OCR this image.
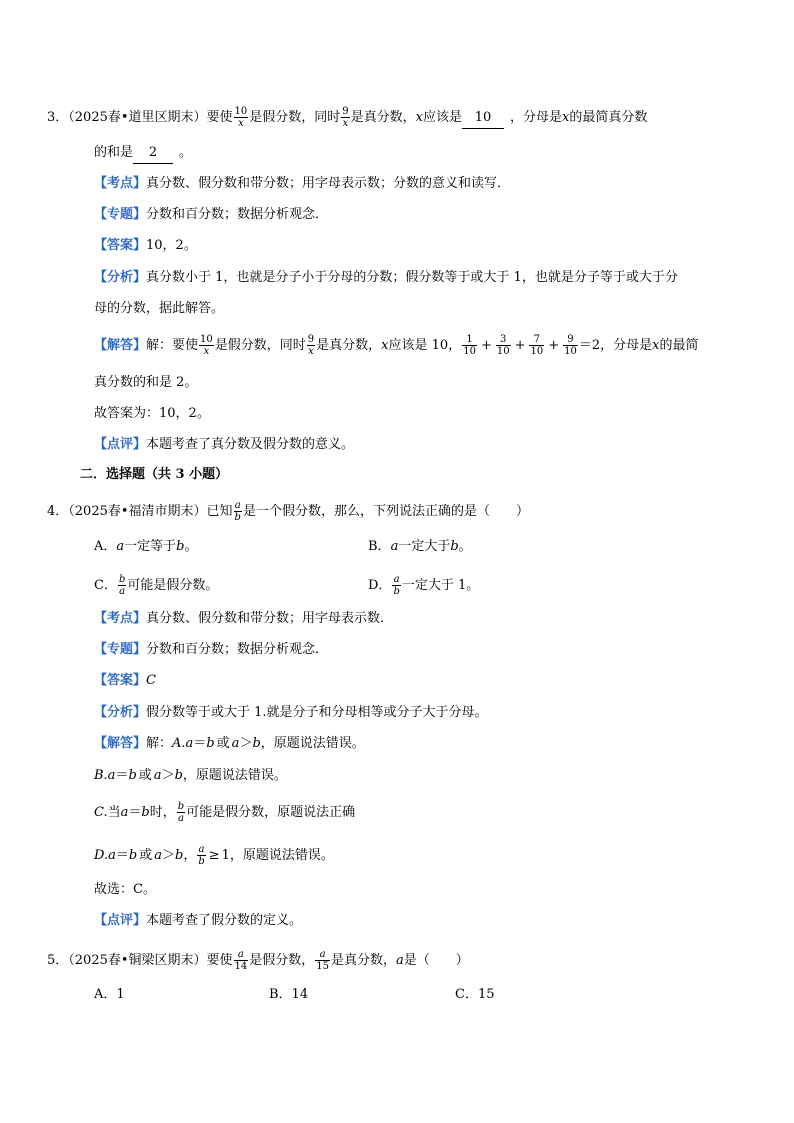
3．（2025春•道里区期末）要使 $\frac{10}{x}$ 是假分数，同时 $\frac{9}{x}$ 是真分数，x应该是 10 ，分母是x的最简真分数
的和是 2 。
【考点】真分数、假分数和带分数；用字母表示数；分数的意义和读写．
【专题】分数和百分数；数据分析观念．
【答案】10，2。
【分析】真分数小于 1，也就是分子小于分母的分数；假分数等于或大于 1，也就是分子等于或大于分
母的分数，据此解答。
【解答】解：要使 $\frac{10}{x}$ 是假分数，同时 $\frac{9}{x}$ 是真分数，x应该是 10， $\frac{1}{10} + \frac{3}{10} + \frac{7}{10} + \frac{9}{10} =2$，分母是x的最简
真分数的和是 2。
故答案为：10，2。
【点评】本题考查了真分数及假分数的意义。
二．选择题（共 3 小题）
4．（2025春•福清市期末）已知 $\frac{a}{b}$ 是一个假分数，那么，下列说法正确的是（　　）
A．a一定等于b。	B．a一定大于b。
C． $\frac{b}{a}$ 可能是假分数。	D． $\frac{a}{b}$ 一定大于 1。
【考点】真分数、假分数和带分数；用字母表示数．
【专题】分数和百分数；数据分析观念．
【答案】C
【分析】假分数等于或大于 1.就是分子和分母相等或分子大于分母。
【解答】解：A.a＝b 或 a＞b，原题说法错误。
B.a＝b 或 a＞b，原题说法错误。
C.当a＝b时， $\frac{b}{a}$ 可能是假分数，原题说法正确
D.a＝b 或 a＞b， $\frac{a}{b} \ge 1$，原题说法错误。
故选：C。
【点评】本题考查了假分数的定义。
5．（2025春•铜梁区期末）要使 $\frac{a}{14}$ 是假分数， $\frac{a}{15}$ 是真分数，a是（　　）
A．1	B．14	C．15
